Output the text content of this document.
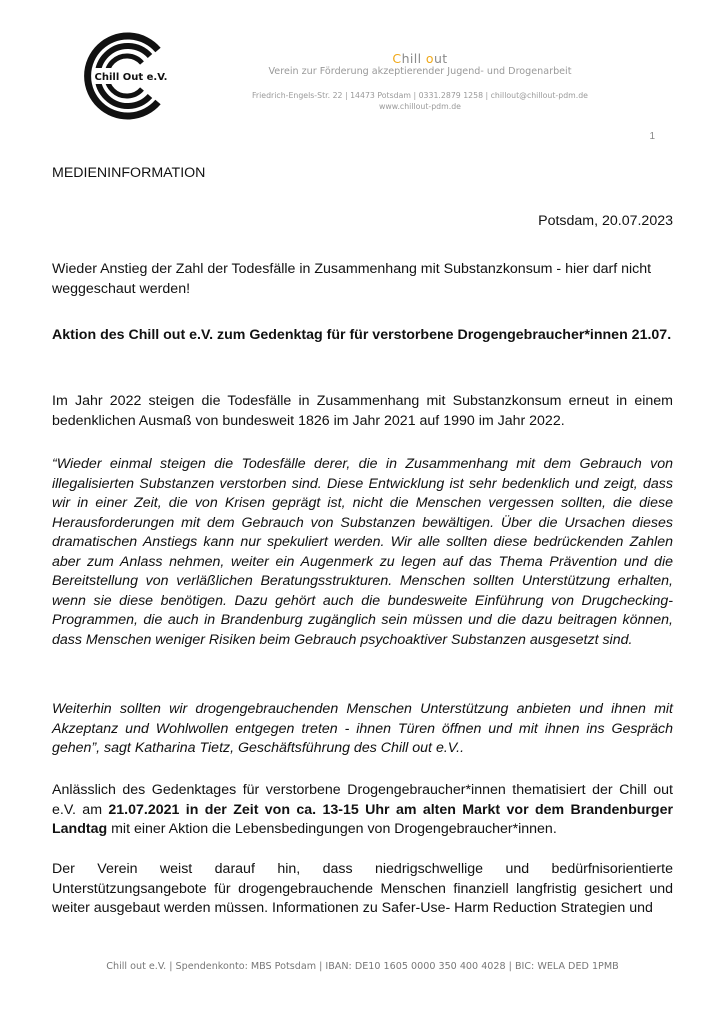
Chill Out e.V.
Chill out
Verein zur Förderung akzeptierender Jugend- und Drogenarbeit
Friedrich-Engels-Str. 22 | 14473 Potsdam | 0331.2879 1258 | chillout@chillout-pdm.de
www.chillout-pdm.de
1
MEDIENINFORMATION
Potsdam, 20.07.2023
Wieder Anstieg der Zahl der Todesfälle in Zusammenhang mit Substanzkonsum - hier darf nicht weggeschaut werden!
Aktion des Chill out e.V. zum Gedenktag für für verstorbene Drogengebraucher*innen 21.07.
Im Jahr 2022 steigen die Todesfälle in Zusammenhang mit Substanzkonsum erneut in einem bedenklichen Ausmaß von bundesweit 1826 im Jahr 2021 auf 1990 im Jahr 2022.
“Wieder einmal steigen die Todesfälle derer, die in Zusammenhang mit dem Gebrauch von illegalisierten Substanzen verstorben sind. Diese Entwicklung ist sehr bedenklich und zeigt, dass wir in einer Zeit, die von Krisen geprägt ist, nicht die Menschen vergessen sollten, die diese Herausforderungen mit dem Gebrauch von Substanzen bewältigen. Über die Ursachen dieses dramatischen Anstiegs kann nur spekuliert werden. Wir alle sollten diese bedrückenden Zahlen aber zum Anlass nehmen, weiter ein Augenmerk zu legen auf das Thema Prävention und die Bereitstellung von verläßlichen Beratungsstrukturen. Menschen sollten Unterstützung erhalten, wenn sie diese benötigen. Dazu gehört auch die bundesweite Einführung von Drugchecking-Programmen, die auch in Brandenburg zugänglich sein müssen und die dazu beitragen können, dass Menschen weniger Risiken beim Gebrauch psychoaktiver Substanzen ausgesetzt sind.
Weiterhin sollten wir drogengebrauchenden Menschen Unterstützung anbieten und ihnen mit Akzeptanz und Wohlwollen entgegen treten - ihnen Türen öffnen und mit ihnen ins Gespräch gehen”, sagt Katharina Tietz, Geschäftsführung des Chill out e.V..
Anlässlich des Gedenktages für verstorbene Drogengebraucher*innen thematisiert der Chill out e.V. am 21.07.2021 in der Zeit von ca. 13-15 Uhr am alten Markt vor dem Brandenburger Landtag mit einer Aktion die Lebensbedingungen von Drogengebraucher*innen.
Der Verein weist darauf hin, dass niedrigschwellige und bedürfnisorientierte Unterstützungsangebote für drogengebrauchende Menschen finanziell langfristig gesichert und weiter ausgebaut werden müssen. Informationen zu Safer-Use- Harm Reduction Strategien und
Chill out e.V. | Spendenkonto: MBS Potsdam | IBAN: DE10 1605 0000 350 400 4028 | BIC: WELA DED 1PMB
